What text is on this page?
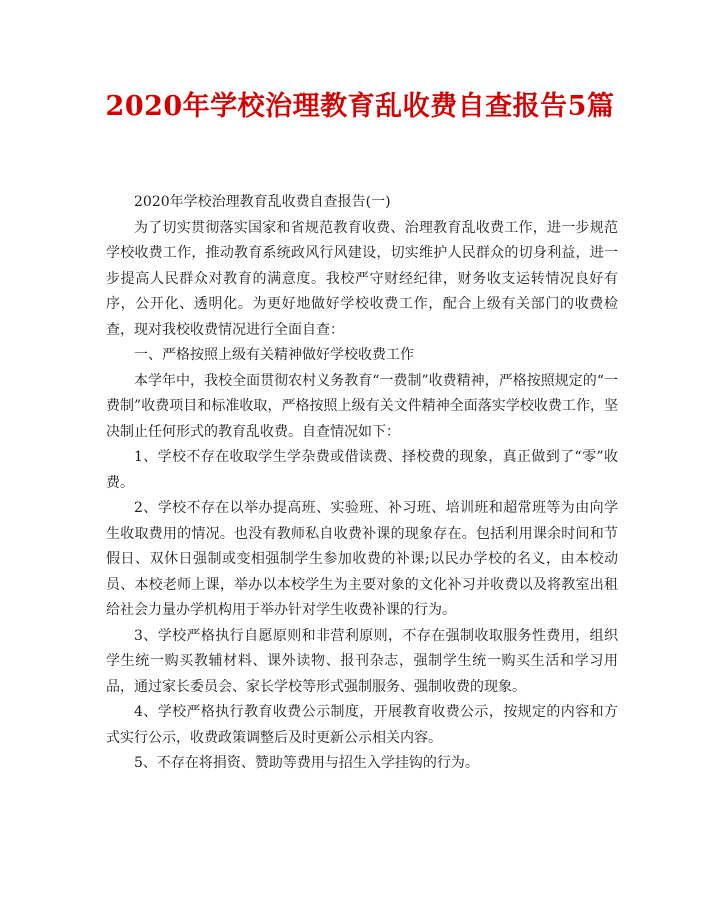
2020年学校治理教育乱收费自查报告5篇

2020年学校治理教育乱收费自查报告(一)

为了切实贯彻落实国家和省规范教育收费、治理教育乱收费工作，进一步规范学校收费工作，推动教育系统政风行风建设，切实维护人民群众的切身利益，进一步提高人民群众对教育的满意度。我校严守财经纪律，财务收支运转情况良好有序，公开化、透明化。为更好地做好学校收费工作，配合上级有关部门的收费检查，现对我校收费情况进行全面自查：

一、严格按照上级有关精神做好学校收费工作

本学年中，我校全面贯彻农村义务教育“一费制”收费精神，严格按照规定的“一费制”收费项目和标准收取，严格按照上级有关文件精神全面落实学校收费工作，坚决制止任何形式的教育乱收费。自查情况如下：

1、学校不存在收取学生学杂费或借读费、择校费的现象，真正做到了“零”收费。

2、学校不存在以举办提高班、实验班、补习班、培训班和超常班等为由向学生收取费用的情况。也没有教师私自收费补课的现象存在。包括利用课余时间和节假日、双休日强制或变相强制学生参加收费的补课;以民办学校的名义，由本校动员、本校老师上课，举办以本校学生为主要对象的文化补习并收费以及将教室出租给社会力量办学机构用于举办针对学生收费补课的行为。

3、学校严格执行自愿原则和非营利原则，不存在强制收取服务性费用，组织学生统一购买教辅材料、课外读物、报刊杂志，强制学生统一购买生活和学习用品，通过家长委员会、家长学校等形式强制服务、强制收费的现象。

4、学校严格执行教育收费公示制度，开展教育收费公示，按规定的内容和方式实行公示，收费政策调整后及时更新公示相关内容。

5、不存在将捐资、赞助等费用与招生入学挂钩的行为。
